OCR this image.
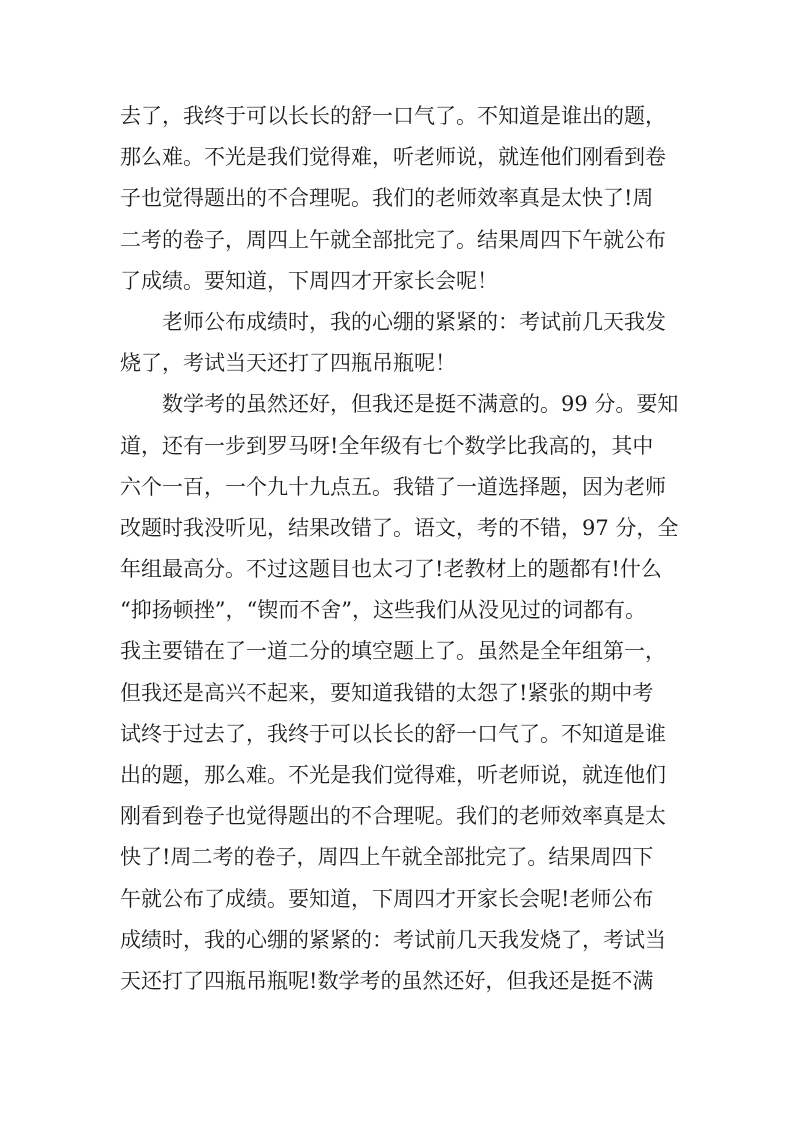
去了，我终于可以长长的舒一口气了。不知道是谁出的题，
那么难。不光是我们觉得难，听老师说，就连他们刚看到卷
子也觉得题出的不合理呢。我们的老师效率真是太快了!周
二考的卷子，周四上午就全部批完了。结果周四下午就公布
了成绩。要知道，下周四才开家长会呢！
老师公布成绩时，我的心绷的紧紧的：考试前几天我发
烧了，考试当天还打了四瓶吊瓶呢！
数学考的虽然还好，但我还是挺不满意的。99 分。要知
道，还有一步到罗马呀!全年级有七个数学比我高的，其中
六个一百，一个九十九点五。我错了一道选择题，因为老师
改题时我没听见，结果改错了。语文，考的不错，97 分，全
年组最高分。不过这题目也太刁了!老教材上的题都有!什么
“抑扬顿挫”，“锲而不舍”，这些我们从没见过的词都有。
我主要错在了一道二分的填空题上了。虽然是全年组第一，
但我还是高兴不起来，要知道我错的太怨了!紧张的期中考
试终于过去了，我终于可以长长的舒一口气了。不知道是谁
出的题，那么难。不光是我们觉得难，听老师说，就连他们
刚看到卷子也觉得题出的不合理呢。我们的老师效率真是太
快了!周二考的卷子，周四上午就全部批完了。结果周四下
午就公布了成绩。要知道，下周四才开家长会呢!老师公布
成绩时，我的心绷的紧紧的：考试前几天我发烧了，考试当
天还打了四瓶吊瓶呢!数学考的虽然还好，但我还是挺不满
